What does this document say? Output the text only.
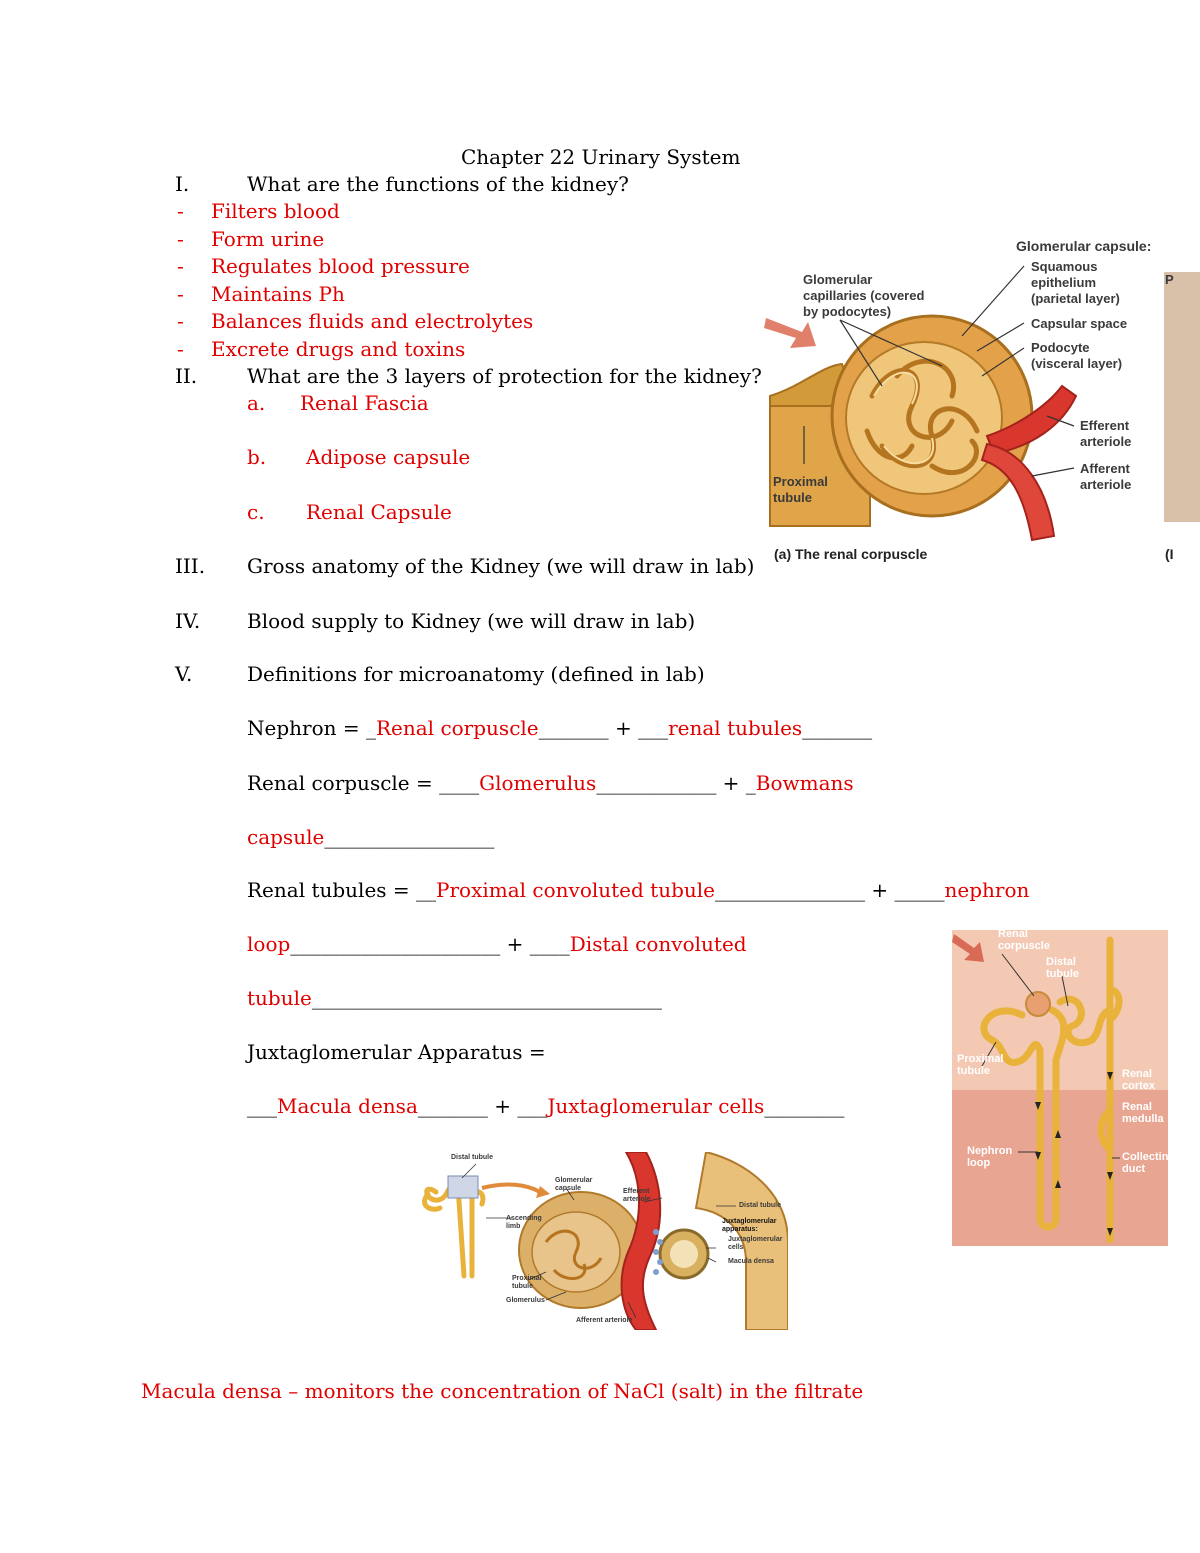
Chapter 22 Urinary System
I.	What are the functions of the kidney?
- Filters blood
- Form urine
- Regulates blood pressure
- Maintains Ph
- Balances fluids and electrolytes
- Excrete drugs and toxins
II. What are the 3 layers of protection for the kidney?
a. Renal Fascia
b. Adipose capsule
c. Renal Capsule
III. Gross anatomy of the Kidney (we will draw in lab)
IV. Blood supply to Kidney (we will draw in lab)
V.	Definitions for microanatomy (defined in lab)
Nephron = _Renal corpuscle_______ + ___renal tubules_______
Renal corpuscle = ____Glomerulus____________ + _Bowmans
capsule_________________
Renal tubules = __Proximal convoluted tubule_______________ + _____nephron
loop_____________________ + ____Distal convoluted
tubule___________________________________
Juxtaglomerular Apparatus =
___Macula densa_______ + ___Juxtaglomerular cells________
Macula densa – monitors the concentration of NaCl (salt) in the filtrate
Glomerular capsule:
Glomerular
capillaries (covered
by podocytes)
Squamous
epithelium
(parietal layer)
Capsular space
Podocyte
(visceral layer)
Efferent
arteriole
Afferent
arteriole
Proximal
tubule
P
(a) The renal corpuscle	(I
Renal
corpuscle
Distal
tubule
Proximal
tubule	Renal
cortex
Renal
medulla
Nephron
loop	Collecting
duct
Distal tubule
Glomerular
capsule	Efferent
arteriole
Distal tubule
Ascending
limb
Juxtaglomerular
apparatus:
Juxtaglomerular
cells
Macula densa
Proximal
tubule
Glomerulus
Afferent arteriole
